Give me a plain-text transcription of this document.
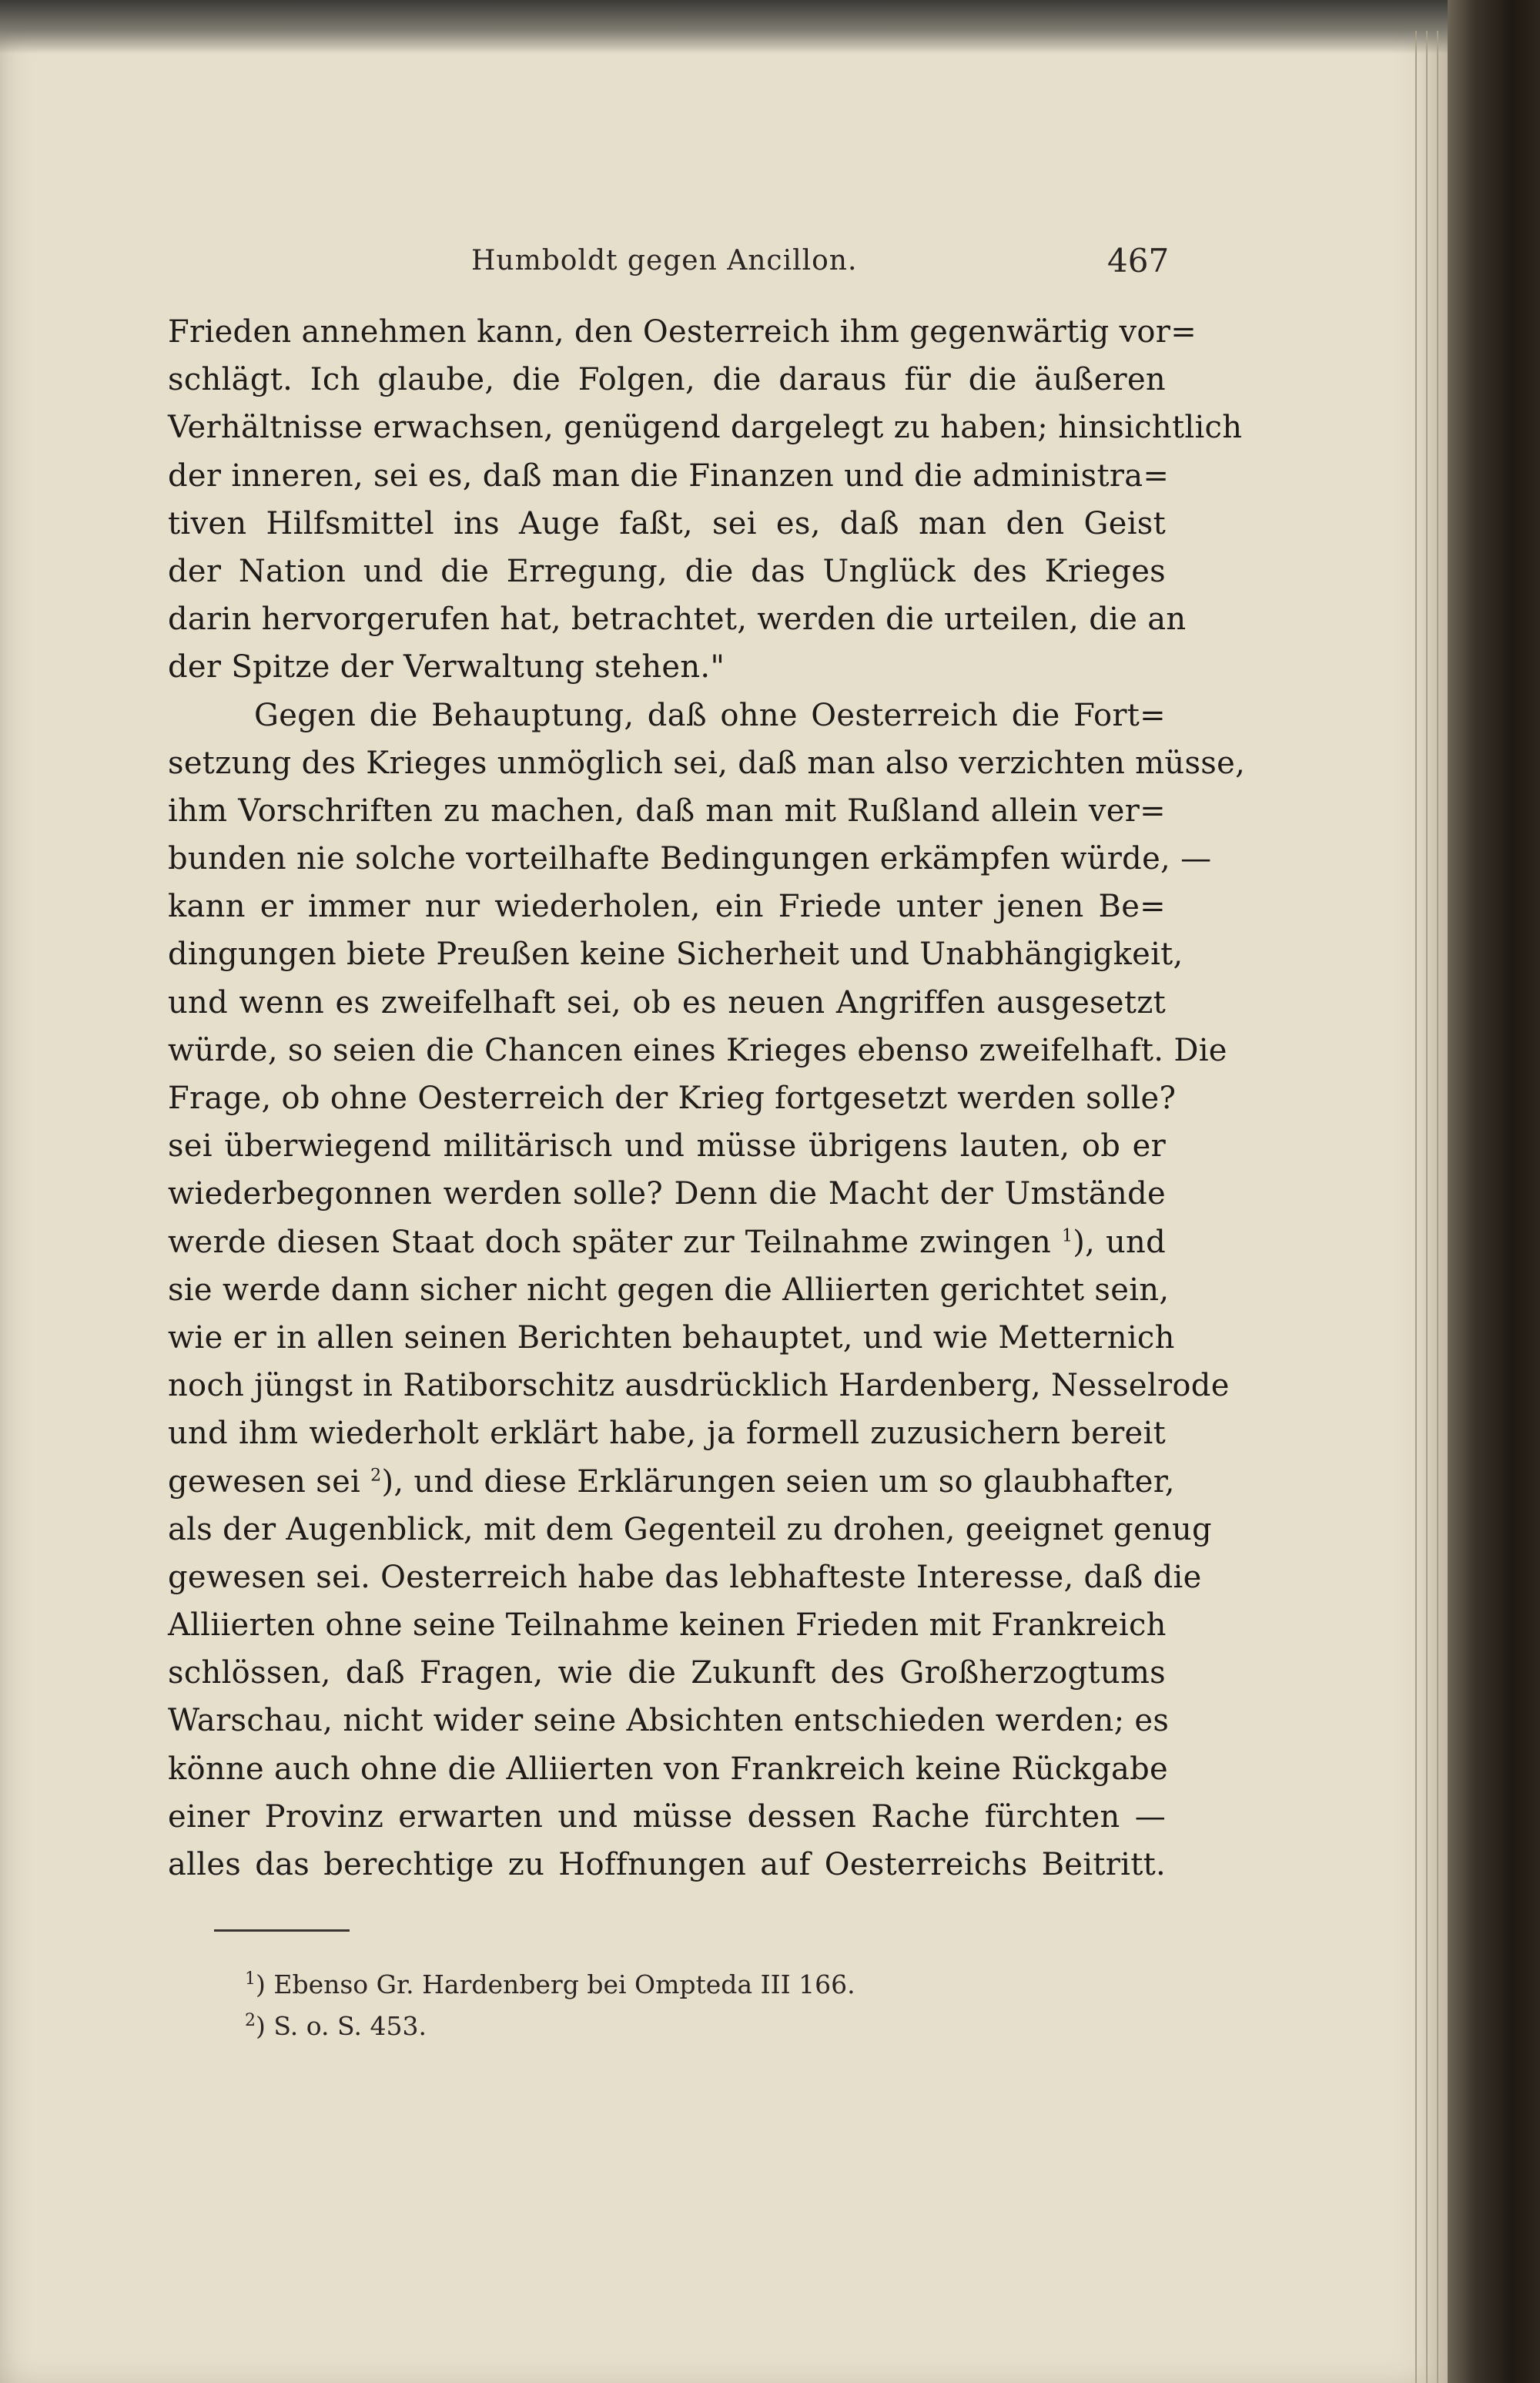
Humboldt gegen Ancillon.	467
Frieden annehmen kann, den Oesterreich ihm gegenwärtig vor=
schlägt. Ich glaube, die Folgen, die daraus für die äußeren
Verhältnisse erwachsen, genügend dargelegt zu haben; hinsichtlich
der inneren, sei es, daß man die Finanzen und die administra=
tiven Hilfsmittel ins Auge faßt, sei es, daß man den Geist
der Nation und die Erregung, die das Unglück des Krieges
darin hervorgerufen hat, betrachtet, werden die urteilen, die an
der Spitze der Verwaltung stehen."
Gegen die Behauptung, daß ohne Oesterreich die Fort=
setzung des Krieges unmöglich sei, daß man also verzichten müsse,
ihm Vorschriften zu machen, daß man mit Rußland allein ver=
bunden nie solche vorteilhafte Bedingungen erkämpfen würde, —
kann er immer nur wiederholen, ein Friede unter jenen Be=
dingungen biete Preußen keine Sicherheit und Unabhängigkeit,
und wenn es zweifelhaft sei, ob es neuen Angriffen ausgesetzt
würde, so seien die Chancen eines Krieges ebenso zweifelhaft. Die
Frage, ob ohne Oesterreich der Krieg fortgesetzt werden solle?
sei überwiegend militärisch und müsse übrigens lauten, ob er
wiederbegonnen werden solle? Denn die Macht der Umstände
werde diesen Staat doch später zur Teilnahme zwingen $^1$), und
sie werde dann sicher nicht gegen die Alliierten gerichtet sein,
wie er in allen seinen Berichten behauptet, und wie Metternich
noch jüngst in Ratiborschitz ausdrücklich Hardenberg, Nesselrode
und ihm wiederholt erklärt habe, ja formell zuzusichern bereit
gewesen sei $^2$), und diese Erklärungen seien um so glaubhafter,
als der Augenblick, mit dem Gegenteil zu drohen, geeignet genug
gewesen sei. Oesterreich habe das lebhafteste Interesse, daß die
Alliierten ohne seine Teilnahme keinen Frieden mit Frankreich
schlössen, daß Fragen, wie die Zukunft des Großherzogtums
Warschau, nicht wider seine Absichten entschieden werden; es
könne auch ohne die Alliierten von Frankreich keine Rückgabe
einer Provinz erwarten und müsse dessen Rache fürchten —
alles das berechtige zu Hoffnungen auf Oesterreichs Beitritt.
$^1$) Ebenso Gr. Hardenberg bei Ompteda III 166.
$^2$) S. o. S. 453.
